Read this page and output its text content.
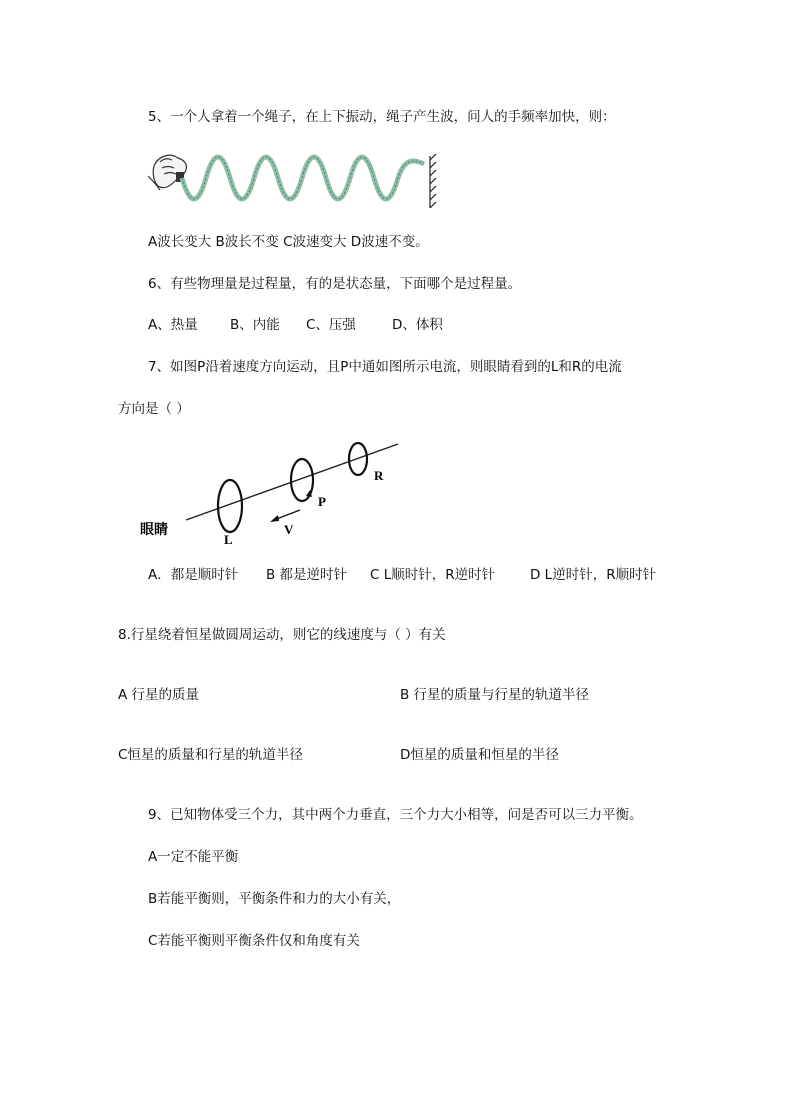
5、一个人拿着一个绳子，在上下振动，绳子产生波，问人的手频率加快，则：
A波长变大 B波长不变 C波速变大 D波速不变。
6、有些物理量是过程量，有的是状态量，下面哪个是过程量。
A、热量 B、内能 C、压强	D、体积
7、如图P沿着速度方向运动，且P中通如图所示电流，则眼睛看到的L和R的电流
方向是（ ）
眼睛
L
P
R
V
A．都是顺时针 B 都是逆时针 C L顺时针，R逆时针	D L逆时针，R顺时针
8.行星绕着恒星做圆周运动，则它的线速度与（ ）有关
A 行星的质量	B 行星的质量与行星的轨道半径
C恒星的质量和行星的轨道半径	D恒星的质量和恒星的半径
9、已知物体受三个力，其中两个力垂直，三个力大小相等，问是否可以三力平衡。
A一定不能平衡
B若能平衡则，平衡条件和力的大小有关，
C若能平衡则平衡条件仅和角度有关
